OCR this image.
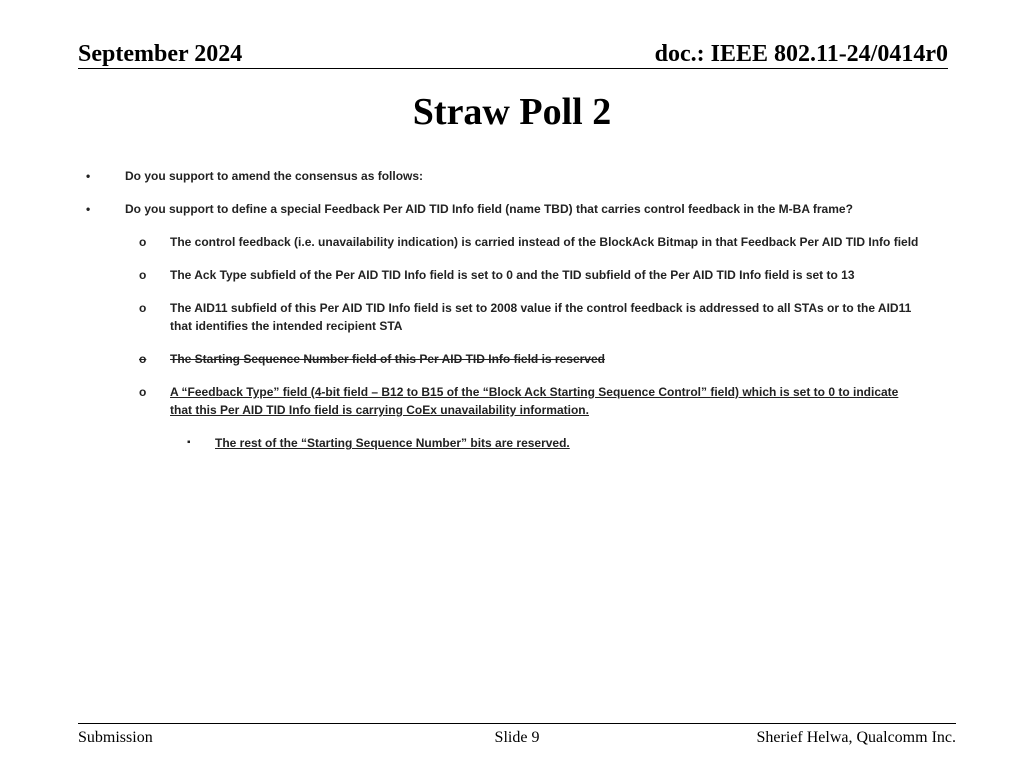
September 2024	doc.: IEEE 802.11-24/0414r0
Straw Poll 2
•	Do you support to amend the consensus as follows:
•	Do you support to define a special Feedback Per AID TID Info field (name TBD) that carries control feedback in the M-BA frame?
o The control feedback (i.e. unavailability indication) is carried instead of the BlockAck Bitmap in that Feedback Per AID TID Info field
o The Ack Type subfield of the Per AID TID Info field is set to 0 and the TID subfield of the Per AID TID Info field is set to 13
o The AID11 subfield of this Per AID TID Info field is set to 2008 value if the control feedback is addressed to all STAs or to the AID11
that identifies the intended recipient STA
o The Starting Sequence Number field of this Per AID TID Info field is reserved
o A “Feedback Type” field (4-bit field – B12 to B15 of the “Block Ack Starting Sequence Control” field) which is set to 0 to indicate
that this Per AID TID Info field is carrying CoEx unavailability information.
▪ The rest of the “Starting Sequence Number” bits are reserved.
Submission	Slide 9	Sherief Helwa, Qualcomm Inc.
